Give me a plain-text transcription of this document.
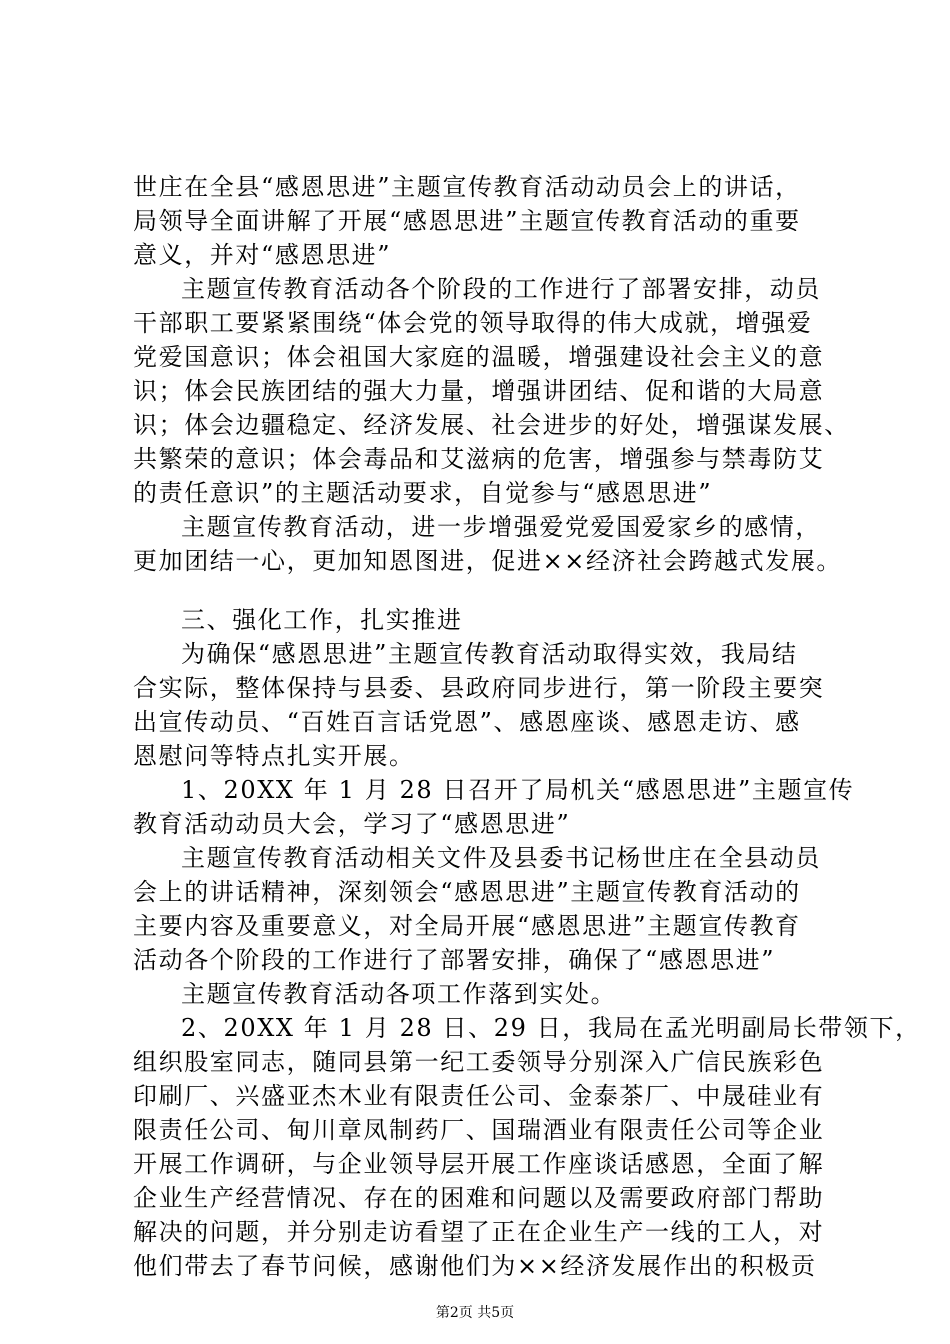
世庄在全县“感恩思进”主题宣传教育活动动员会上的讲话，
局领导全面讲解了开展“感恩思进”主题宣传教育活动的重要
意义，并对“感恩思进”
主题宣传教育活动各个阶段的工作进行了部署安排，动员
干部职工要紧紧围绕“体会党的领导取得的伟大成就，增强爱
党爱国意识；体会祖国大家庭的温暖，增强建设社会主义的意
识；体会民族团结的强大力量，增强讲团结、促和谐的大局意
识；体会边疆稳定、经济发展、社会进步的好处，增强谋发展、
共繁荣的意识；体会毒品和艾滋病的危害，增强参与禁毒防艾
的责任意识”的主题活动要求，自觉参与“感恩思进”
主题宣传教育活动，进一步增强爱党爱国爱家乡的感情，
更加团结一心，更加知恩图进，促进××经济社会跨越式发展。
三、强化工作，扎实推进
为确保“感恩思进”主题宣传教育活动取得实效，我局结
合实际，整体保持与县委、县政府同步进行，第一阶段主要突
出宣传动员、“百姓百言话党恩”、感恩座谈、感恩走访、感
恩慰问等特点扎实开展。
1、20XX 年 1 月 28 日召开了局机关“感恩思进”主题宣传
教育活动动员大会，学习了“感恩思进”
主题宣传教育活动相关文件及县委书记杨世庄在全县动员
会上的讲话精神，深刻领会“感恩思进”主题宣传教育活动的
主要内容及重要意义，对全局开展“感恩思进”主题宣传教育
活动各个阶段的工作进行了部署安排，确保了“感恩思进”
主题宣传教育活动各项工作落到实处。
2、20XX 年 1 月 28 日、29 日，我局在孟光明副局长带领下，
组织股室同志，随同县第一纪工委领导分别深入广信民族彩色
印刷厂、兴盛亚杰木业有限责任公司、金泰茶厂、中晟硅业有
限责任公司、甸川章凤制药厂、国瑞酒业有限责任公司等企业
开展工作调研，与企业领导层开展工作座谈话感恩，全面了解
企业生产经营情况、存在的困难和问题以及需要政府部门帮助
解决的问题，并分别走访看望了正在企业生产一线的工人，对
他们带去了春节问候，感谢他们为××经济发展作出的积极贡
第2页 共5页
